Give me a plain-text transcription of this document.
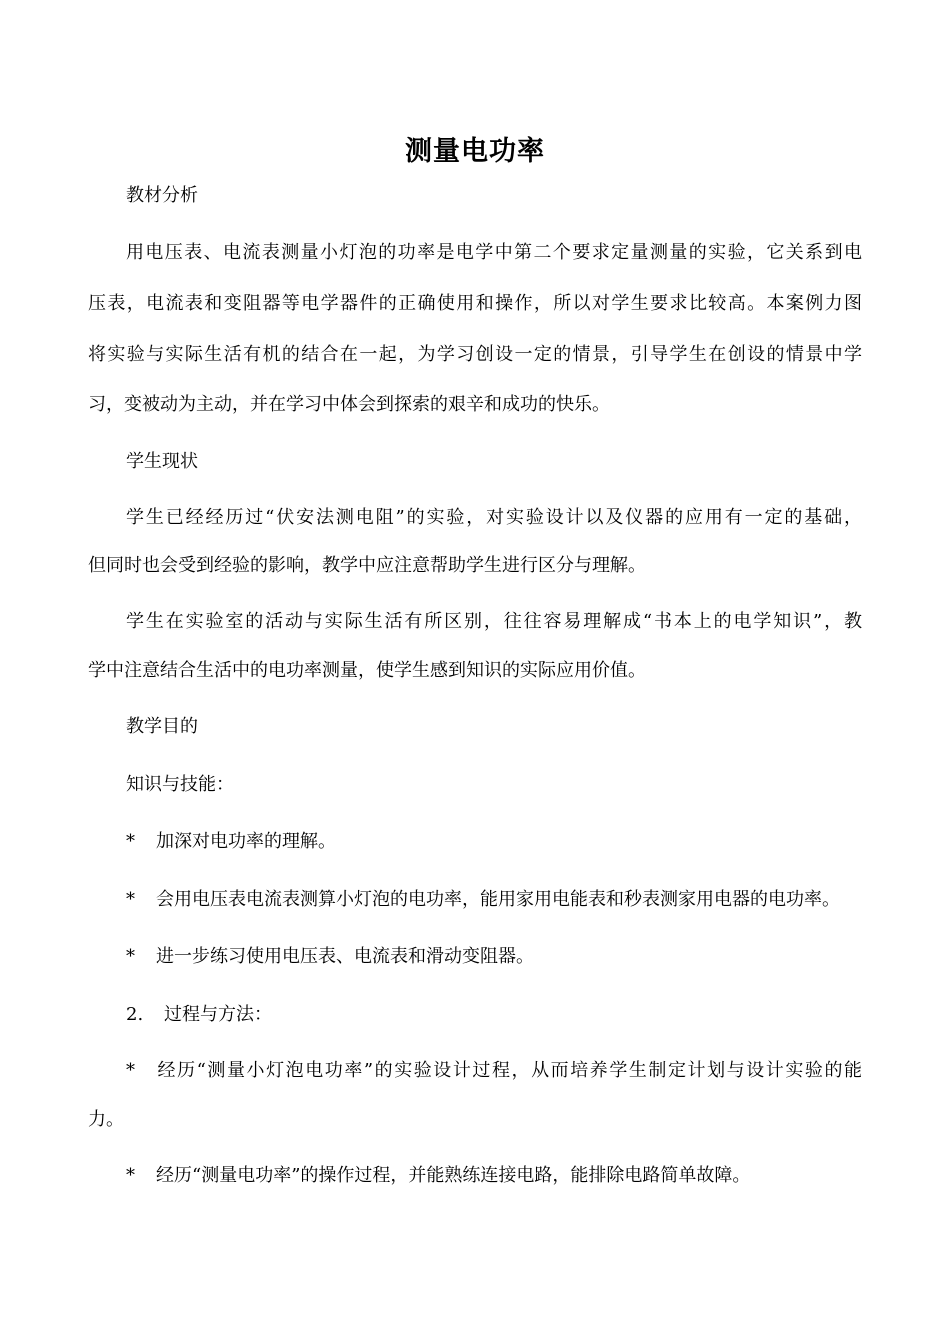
测量电功率
教材分析
用电压表、电流表测量小灯泡的功率是电学中第二个要求定量测量的实验，它关系到电
压表，电流表和变阻器等电学器件的正确使用和操作，所以对学生要求比较高。本案例力图
将实验与实际生活有机的结合在一起，为学习创设一定的情景，引导学生在创设的情景中学
习，变被动为主动，并在学习中体会到探索的艰辛和成功的快乐。
学生现状
学生已经经历过“伏安法测电阻”的实验，对实验设计以及仪器的应用有一定的基础，
但同时也会受到经验的影响，教学中应注意帮助学生进行区分与理解。
学生在实验室的活动与实际生活有所区别，往往容易理解成“书本上的电学知识”，教
学中注意结合生活中的电功率测量，使学生感到知识的实际应用价值。
教学目的
知识与技能：
* 加深对电功率的理解。
* 会用电压表电流表测算小灯泡的电功率，能用家用电能表和秒表测家用电器的电功率。
* 进一步练习使用电压表、电流表和滑动变阻器。
2. 过程与方法：
* 经历“测量小灯泡电功率”的实验设计过程，从而培养学生制定计划与设计实验的能
力。
* 经历“测量电功率”的操作过程，并能熟练连接电路，能排除电路简单故障。
